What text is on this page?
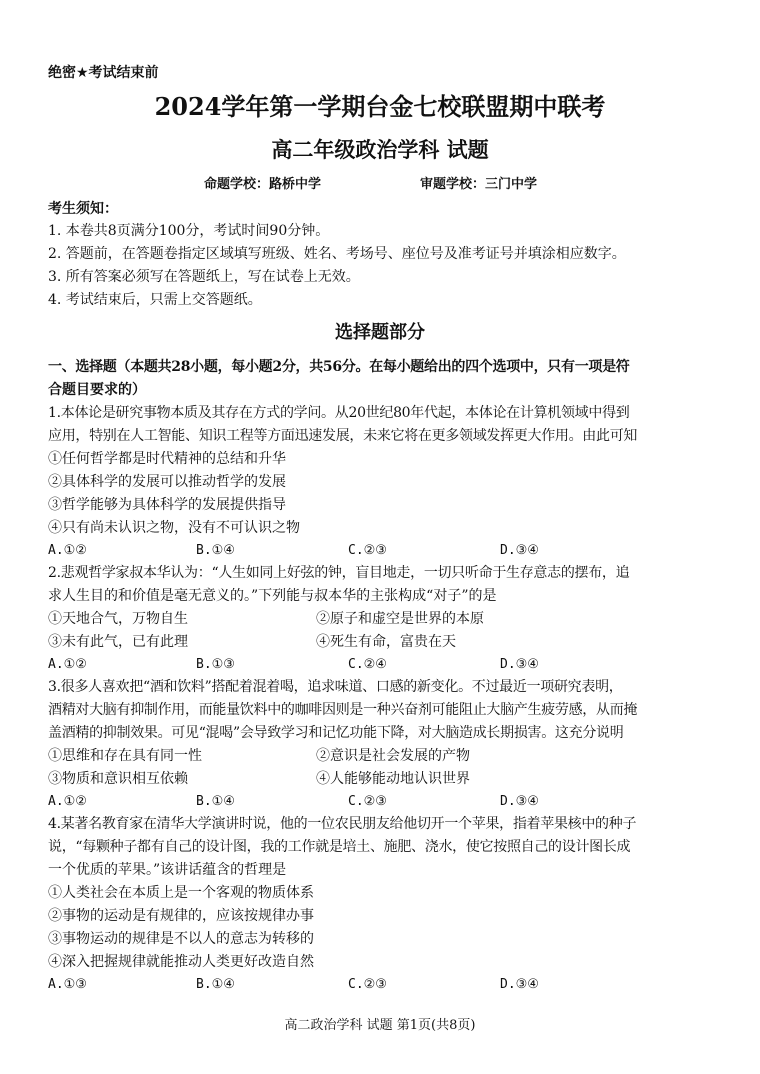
绝密★考试结束前
2024学年第一学期台金七校联盟期中联考
高二年级政治学科 试题
命题学校：路桥中学	审题学校：三门中学
考生须知：
1. 本卷共8页满分100分，考试时间90分钟。
2. 答题前，在答题卷指定区域填写班级、姓名、考场号、座位号及准考证号并填涂相应数字。
3. 所有答案必须写在答题纸上，写在试卷上无效。
4. 考试结束后，只需上交答题纸。
选择题部分
一、选择题（本题共28小题，每小题2分，共56分。在每小题给出的四个选项中，只有一项是符
合题目要求的）
1.本体论是研究事物本质及其存在方式的学问。从20世纪80年代起，本体论在计算机领域中得到
应用，特别在人工智能、知识工程等方面迅速发展，未来它将在更多领域发挥更大作用。由此可知
①任何哲学都是时代精神的总结和升华
②具体科学的发展可以推动哲学的发展
③哲学能够为具体科学的发展提供指导
④只有尚未认识之物，没有不可认识之物
A.①②	B.①④	C.②③	D.③④
2.悲观哲学家叔本华认为：“人生如同上好弦的钟，盲目地走，一切只听命于生存意志的摆布，追
求人生目的和价值是毫无意义的。”下列能与叔本华的主张构成“对子”的是
①天地合气，万物自生	②原子和虚空是世界的本原
③未有此气，已有此理	④死生有命，富贵在天
A.①②	B.①③	C.②④	D.③④
3.很多人喜欢把“酒和饮料”搭配着混着喝，追求味道、口感的新变化。不过最近一项研究表明，
酒精对大脑有抑制作用，而能量饮料中的咖啡因则是一种兴奋剂可能阻止大脑产生疲劳感，从而掩
盖酒精的抑制效果。可见“混喝”会导致学习和记忆功能下降，对大脑造成长期损害。这充分说明
①思维和存在具有同一性	②意识是社会发展的产物
③物质和意识相互依赖	④人能够能动地认识世界
A.①②	B.①④	C.②③	D.③④
4.某著名教育家在清华大学演讲时说，他的一位农民朋友给他切开一个苹果，指着苹果核中的种子
说，“每颗种子都有自己的设计图，我的工作就是培土、施肥、浇水，使它按照自己的设计图长成
一个优质的苹果。”该讲话蕴含的哲理是
①人类社会在本质上是一个客观的物质体系
②事物的运动是有规律的，应该按规律办事
③事物运动的规律是不以人的意志为转移的
④深入把握规律就能推动人类更好改造自然
A.①③	B.①④	C.②③	D.③④
高二政治学科 试题 第1页(共8页)
